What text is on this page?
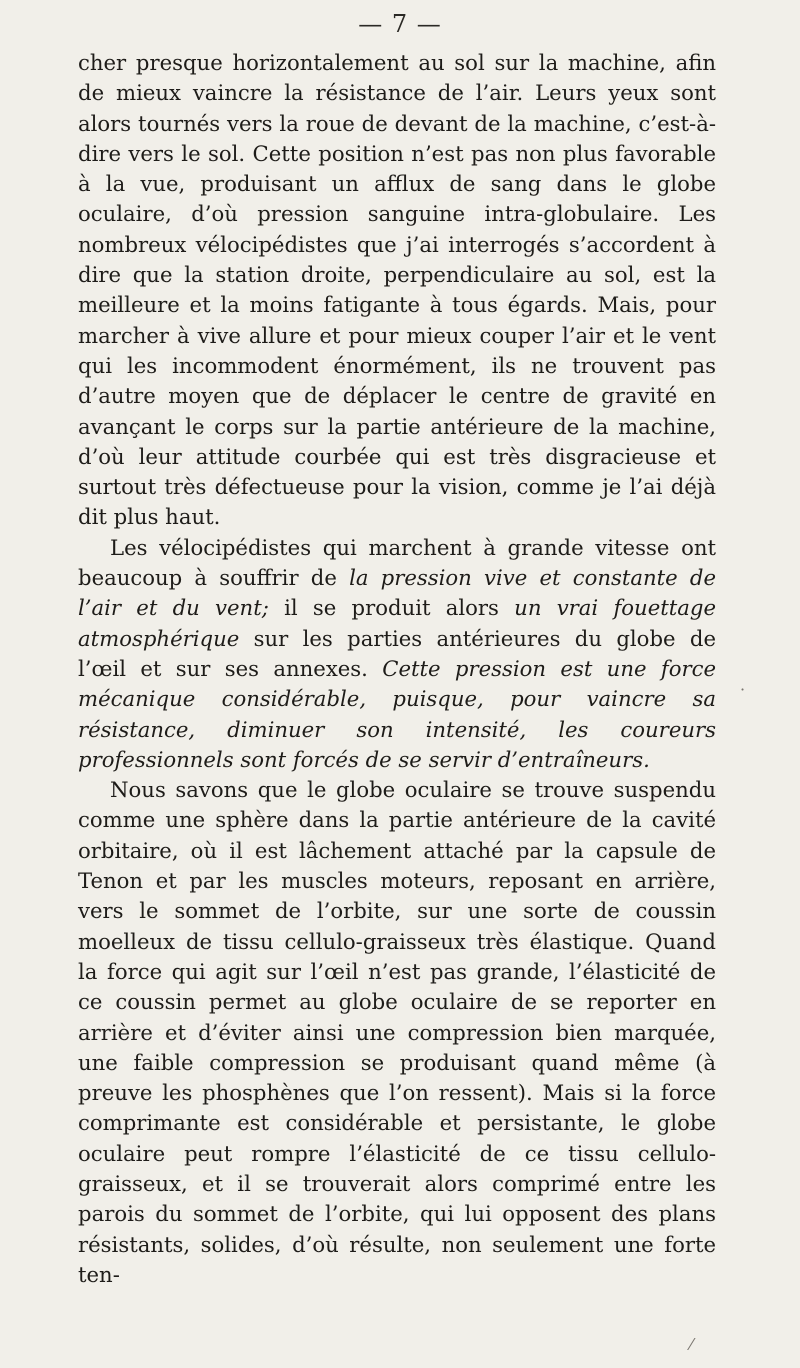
— 7 —

cher presque horizontalement au sol sur la machine, afin de mieux vaincre la résistance de l’air. Leurs yeux sont alors tournés vers la roue de devant de la machine, c’est-à-dire vers le sol. Cette position n’est pas non plus favorable à la vue, produisant un afflux de sang dans le globe oculaire, d’où pression sanguine intra-globulaire. Les nombreux vélocipédistes que j’ai interrogés s’accordent à dire que la station droite, perpendiculaire au sol, est la meilleure et la moins fatigante à tous égards. Mais, pour marcher à vive allure et pour mieux couper l’air et le vent qui les incommodent énormément, ils ne trouvent pas d’autre moyen que de déplacer le centre de gravité en avançant le corps sur la partie antérieure de la machine, d’où leur attitude courbée qui est très disgracieuse et surtout très défectueuse pour la vision, comme je l’ai déjà dit plus haut.

Les vélocipédistes qui marchent à grande vitesse ont beaucoup à souffrir de la pression vive et constante de l’air et du vent; il se produit alors un vrai fouettage atmosphérique sur les parties antérieures du globe de l’œil et sur ses annexes. Cette pression est une force mécanique considérable, puisque, pour vaincre sa résistance, diminuer son intensité, les coureurs professionnels sont forcés de se servir d’entraîneurs.

Nous savons que le globe oculaire se trouve suspendu comme une sphère dans la partie antérieure de la cavité orbitaire, où il est lâchement attaché par la capsule de Tenon et par les muscles moteurs, reposant en arrière, vers le sommet de l’orbite, sur une sorte de coussin moelleux de tissu cellulo-graisseux très élastique. Quand la force qui agit sur l’œil n’est pas grande, l’élasticité de ce coussin permet au globe oculaire de se reporter en arrière et d’éviter ainsi une compression bien marquée, une faible compression se produisant quand même (à preuve les phosphènes que l’on ressent). Mais si la force comprimante est considérable et persistante, le globe oculaire peut rompre l’élasticité de ce tissu cellulo-graisseux, et il se trouverait alors comprimé entre les parois du sommet de l’orbite, qui lui opposent des plans résistants, solides, d’où résulte, non seulement une forte ten-

·
⁄
